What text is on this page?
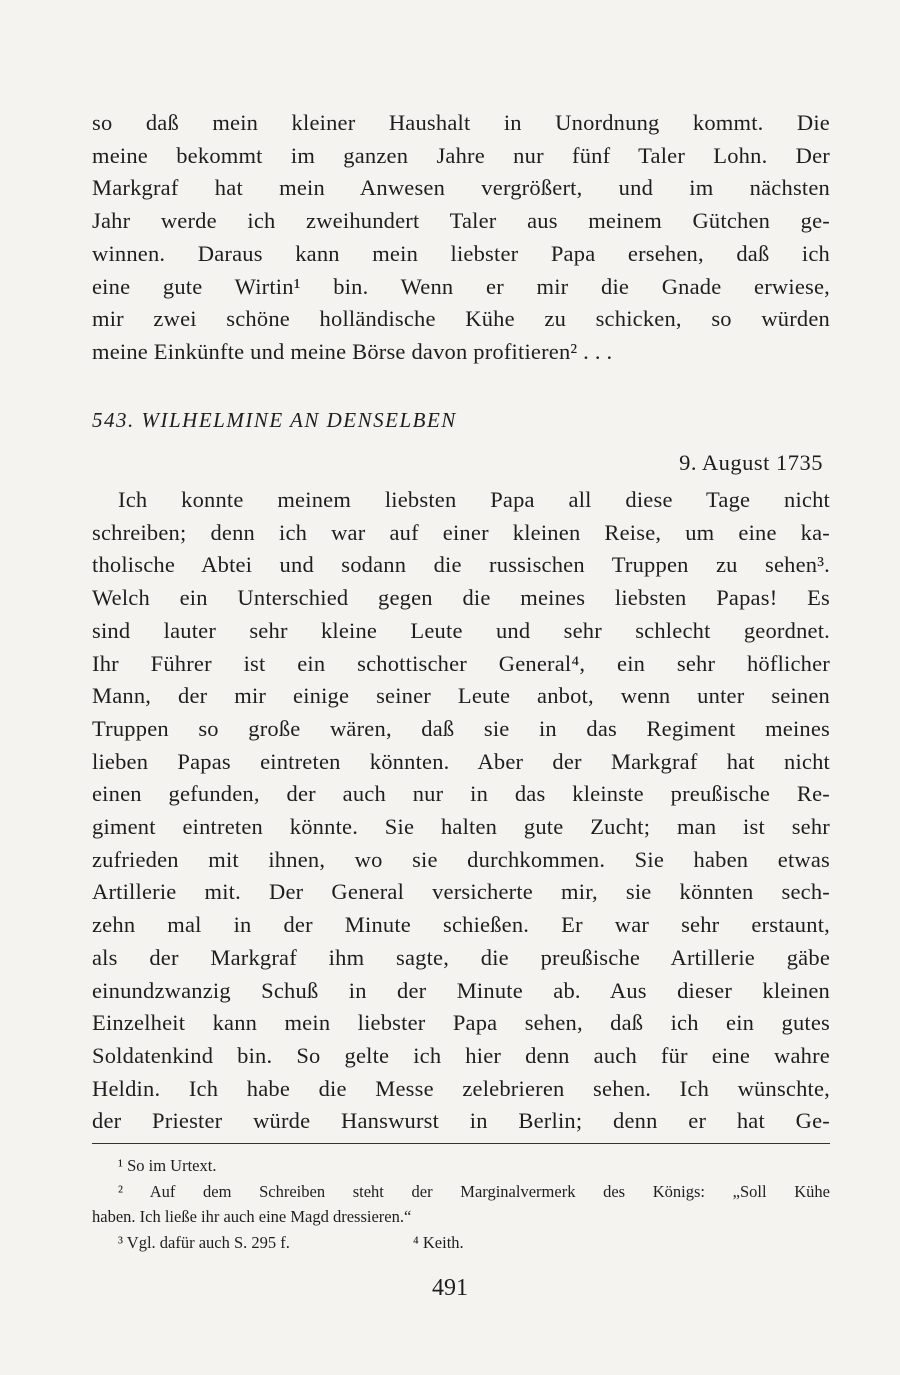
so daß mein kleiner Haushalt in Unordnung kommt. Die
meine bekommt im ganzen Jahre nur fünf Taler Lohn. Der
Markgraf hat mein Anwesen vergrößert, und im nächsten
Jahr werde ich zweihundert Taler aus meinem Gütchen ge-
winnen. Daraus kann mein liebster Papa ersehen, daß ich
eine gute Wirtin¹ bin. Wenn er mir die Gnade erwiese,
mir zwei schöne holländische Kühe zu schicken, so würden
meine Einkünfte und meine Börse davon profitieren² . . .
543. WILHELMINE AN DENSELBEN
9. August 1735
Ich konnte meinem liebsten Papa all diese Tage nicht
schreiben; denn ich war auf einer kleinen Reise, um eine ka-
tholische Abtei und sodann die russischen Truppen zu sehen³.
Welch ein Unterschied gegen die meines liebsten Papas! Es
sind lauter sehr kleine Leute und sehr schlecht geordnet.
Ihr Führer ist ein schottischer General⁴, ein sehr höflicher
Mann, der mir einige seiner Leute anbot, wenn unter seinen
Truppen so große wären, daß sie in das Regiment meines
lieben Papas eintreten könnten. Aber der Markgraf hat nicht
einen gefunden, der auch nur in das kleinste preußische Re-
giment eintreten könnte. Sie halten gute Zucht; man ist sehr
zufrieden mit ihnen, wo sie durchkommen. Sie haben etwas
Artillerie mit. Der General versicherte mir, sie könnten sech-
zehn mal in der Minute schießen. Er war sehr erstaunt,
als der Markgraf ihm sagte, die preußische Artillerie gäbe
einundzwanzig Schuß in der Minute ab. Aus dieser kleinen
Einzelheit kann mein liebster Papa sehen, daß ich ein gutes
Soldatenkind bin. So gelte ich hier denn auch für eine wahre
Heldin. Ich habe die Messe zelebrieren sehen. Ich wünschte,
der Priester würde Hanswurst in Berlin; denn er hat Ge-
¹ So im Urtext.
² Auf dem Schreiben steht der Marginalvermerk des Königs: „Soll Kühe
haben. Ich ließe ihr auch eine Magd dressieren.“
³ Vgl. dafür auch S. 295 f.	⁴ Keith.
491
